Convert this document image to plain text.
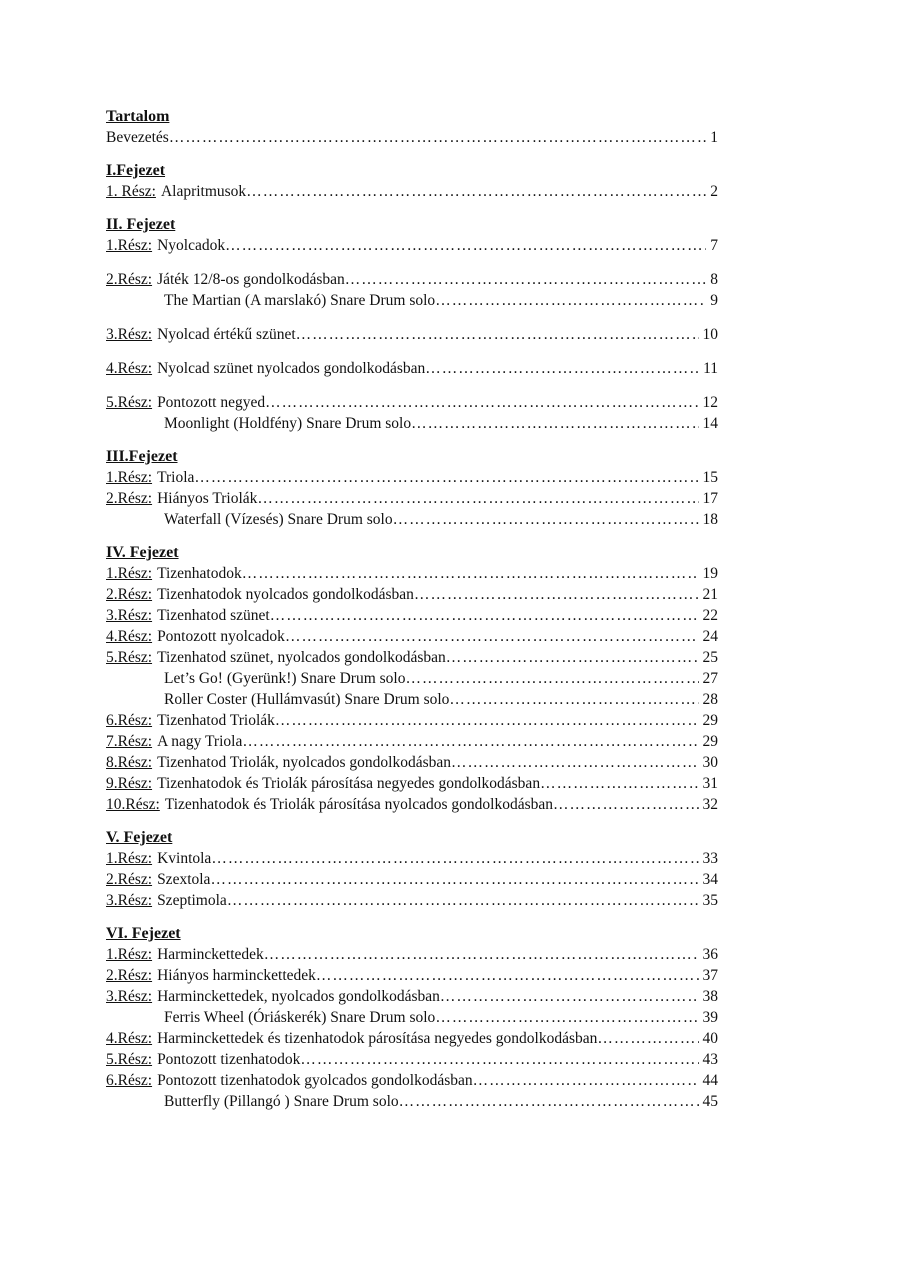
Tartalom
Bevezetés …………………………………………………………………………………………………………………………………………………………………………………………………	1
I.Fejezet
1. Rész: Alapritmusok …………………………………………………………………………………………………………………………………………………………………………………………………	2
II. Fejezet
1.Rész: Nyolcadok …………………………………………………………………………………………………………………………………………………………………………………………………	7
2.Rész: Játék 12/8-os gondolkodásban …………………………………………………………………………………………………………………………………………………………………………………………………	8
The Martian (A marslakó) Snare Drum solo …………………………………………………………………………………………………………………………………………………………………………………………………	9
3.Rész: Nyolcad értékű szünet …………………………………………………………………………………………………………………………………………………………………………………………………	10
4.Rész: Nyolcad szünet nyolcados gondolkodásban …………………………………………………………………………………………………………………………………………………………………………………………………	11
5.Rész: Pontozott negyed …………………………………………………………………………………………………………………………………………………………………………………………………	12
Moonlight (Holdfény) Snare Drum solo …………………………………………………………………………………………………………………………………………………………………………………………………	14
III.Fejezet
1.Rész: Triola …………………………………………………………………………………………………………………………………………………………………………………………………	15
2.Rész: Hiányos Triolák …………………………………………………………………………………………………………………………………………………………………………………………………	17
Waterfall (Vízesés) Snare Drum solo …………………………………………………………………………………………………………………………………………………………………………………………………	18
IV. Fejezet
1.Rész: Tizenhatodok …………………………………………………………………………………………………………………………………………………………………………………………………	19
2.Rész: Tizenhatodok nyolcados gondolkodásban …………………………………………………………………………………………………………………………………………………………………………………………………	21
3.Rész: Tizenhatod szünet …………………………………………………………………………………………………………………………………………………………………………………………………	22
4.Rész: Pontozott nyolcadok …………………………………………………………………………………………………………………………………………………………………………………………………	24
5.Rész: Tizenhatod szünet, nyolcados gondolkodásban …………………………………………………………………………………………………………………………………………………………………………………………………	25
Let’s Go! (Gyerünk!) Snare Drum solo …………………………………………………………………………………………………………………………………………………………………………………………………	27
Roller Coster (Hullámvasút) Snare Drum solo …………………………………………………………………………………………………………………………………………………………………………………………………	28
6.Rész: Tizenhatod Triolák …………………………………………………………………………………………………………………………………………………………………………………………………	29
7.Rész: A nagy Triola …………………………………………………………………………………………………………………………………………………………………………………………………	29
8.Rész: Tizenhatod Triolák, nyolcados gondolkodásban …………………………………………………………………………………………………………………………………………………………………………………………………	30
9.Rész: Tizenhatodok és Triolák párosítása negyedes gondolkodásban …………………………………………………………………………………………………………………………………………………………………………………………………	31
10.Rész: Tizenhatodok és Triolák párosítása nyolcados gondolkodásban …………………………………………………………………………………………………………………………………………………………………………………………………	32
V. Fejezet
1.Rész: Kvintola …………………………………………………………………………………………………………………………………………………………………………………………………	33
2.Rész: Szextola …………………………………………………………………………………………………………………………………………………………………………………………………	34
3.Rész: Szeptimola …………………………………………………………………………………………………………………………………………………………………………………………………	35
VI. Fejezet
1.Rész: Harminckettedek …………………………………………………………………………………………………………………………………………………………………………………………………	36
2.Rész: Hiányos harminckettedek …………………………………………………………………………………………………………………………………………………………………………………………………	37
3.Rész: Harminckettedek, nyolcados gondolkodásban …………………………………………………………………………………………………………………………………………………………………………………………………	38
Ferris Wheel (Óriáskerék) Snare Drum solo …………………………………………………………………………………………………………………………………………………………………………………………………	39
4.Rész: Harminckettedek és tizenhatodok párosítása negyedes gondolkodásban …………………………………………………………………………………………………………………………………………………………………………………………………	40
5.Rész: Pontozott tizenhatodok …………………………………………………………………………………………………………………………………………………………………………………………………	43
6.Rész: Pontozott tizenhatodok gyolcados gondolkodásban …………………………………………………………………………………………………………………………………………………………………………………………………	44
Butterfly (Pillangó ) Snare Drum solo …………………………………………………………………………………………………………………………………………………………………………………………………	45
